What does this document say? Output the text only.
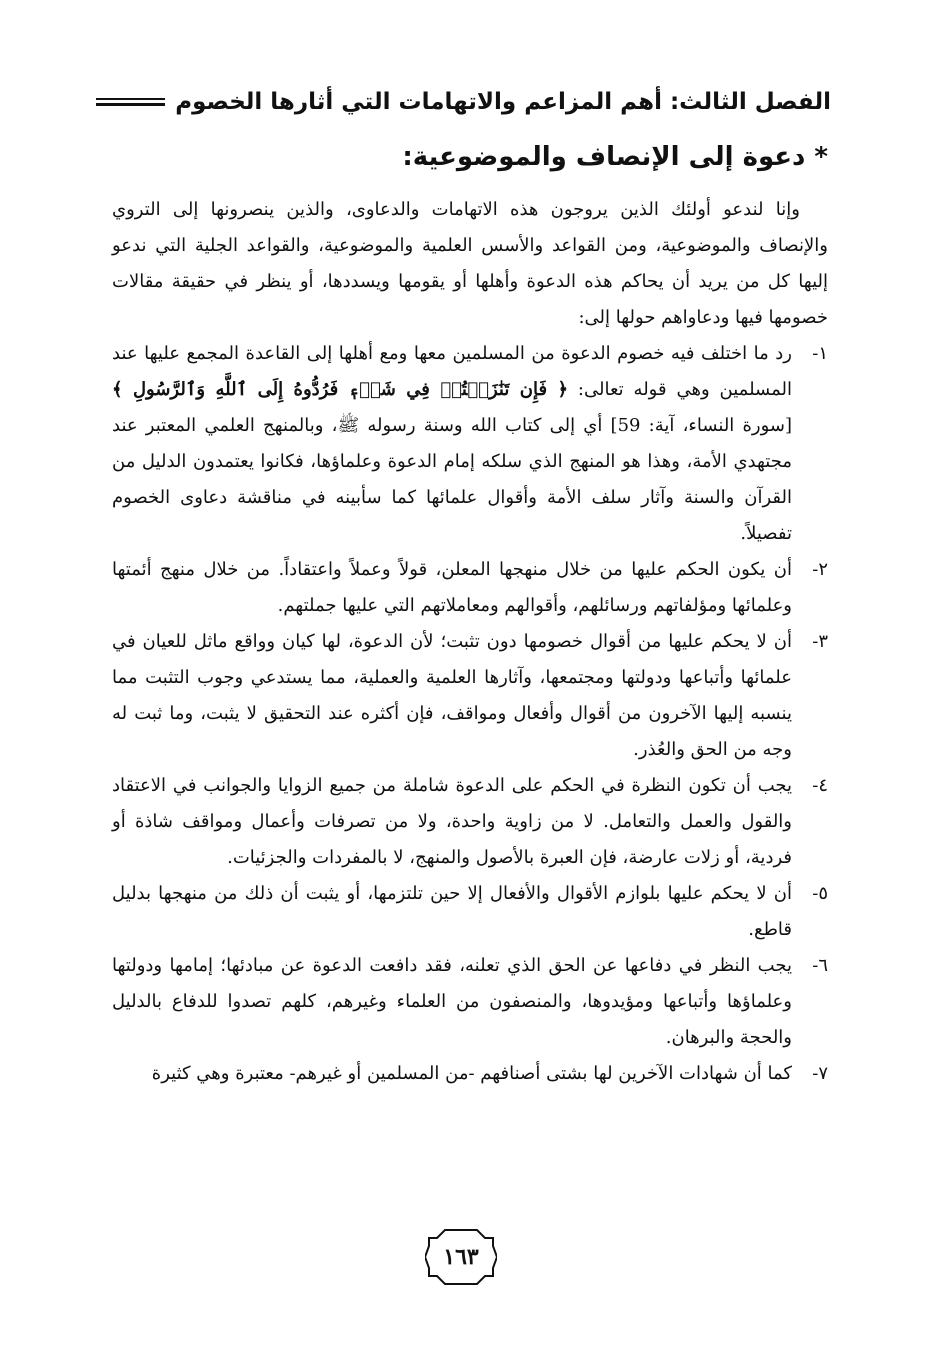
الفصل الثالث: أهم المزاعم والاتهامات التي أثارها الخصوم
* دعوة إلى الإنصاف والموضوعية:

وإنا لندعو أولئك الذين يروجون هذه الاتهامات والدعاوى، والذين ينصرونها إلى التروي والإنصاف والموضوعية، ومن القواعد والأسس العلمية والموضوعية، والقواعد الجلية التي ندعو إليها كل من يريد أن يحاكم هذه الدعوة وأهلها أو يقومها ويسددها، أو ينظر في حقيقة مقالات خصومها فيها ودعاواهم حولها إلى:

١-
رد ما اختلف فيه خصوم الدعوة من المسلمين معها ومع أهلها إلى القاعدة المجمع عليها عند المسلمين وهي قوله تعالى: ﴿ فَإِن تَنَٰزَعۡتُمۡ فِي شَيۡءٖ فَرُدُّوهُ إِلَى ٱللَّهِ وَٱلرَّسُولِ ﴾ [سورة النساء، آية: 59] أي إلى كتاب الله وسنة رسوله ﷺ، وبالمنهج العلمي المعتبر عند مجتهدي الأمة، وهذا هو المنهج الذي سلكه إمام الدعوة وعلماؤها، فكانوا يعتمدون الدليل من القرآن والسنة وآثار سلف الأمة وأقوال علمائها كما سأبينه في مناقشة دعاوى الخصوم تفصيلاً.
٢-
أن يكون الحكم عليها من خلال منهجها المعلن، قولاً وعملاً واعتقاداً. من خلال منهج أئمتها وعلمائها ومؤلفاتهم ورسائلهم، وأقوالهم ومعاملاتهم التي عليها جملتهم.
٣-
أن لا يحكم عليها من أقوال خصومها دون تثبت؛ لأن الدعوة، لها كيان وواقع ماثل للعيان في علمائها وأتباعها ودولتها ومجتمعها، وآثارها العلمية والعملية، مما يستدعي وجوب التثبت مما ينسبه إليها الآخرون من أقوال وأفعال ومواقف، فإن أكثره عند التحقيق لا يثبت، وما ثبت له وجه من الحق والعُذر.
٤-
يجب أن تكون النظرة في الحكم على الدعوة شاملة من جميع الزوايا والجوانب في الاعتقاد والقول والعمل والتعامل. لا من زاوية واحدة، ولا من تصرفات وأعمال ومواقف شاذة أو فردية، أو زلات عارضة، فإن العبرة بالأصول والمنهج، لا بالمفردات والجزئيات.
٥-
أن لا يحكم عليها بلوازم الأقوال والأفعال إلا حين تلتزمها، أو يثبت أن ذلك من منهجها بدليل قاطع.
٦-
يجب النظر في دفاعها عن الحق الذي تعلنه، فقد دافعت الدعوة عن مبادئها؛ إمامها ودولتها وعلماؤها وأتباعها ومؤيدوها، والمنصفون من العلماء وغيرهم، كلهم تصدوا للدفاع بالدليل والحجة والبرهان.
٧-
كما أن شهادات الآخرين لها بشتى أصنافهم -من المسلمين أو غيرهم- معتبرة وهي كثيرة
١٦٣
